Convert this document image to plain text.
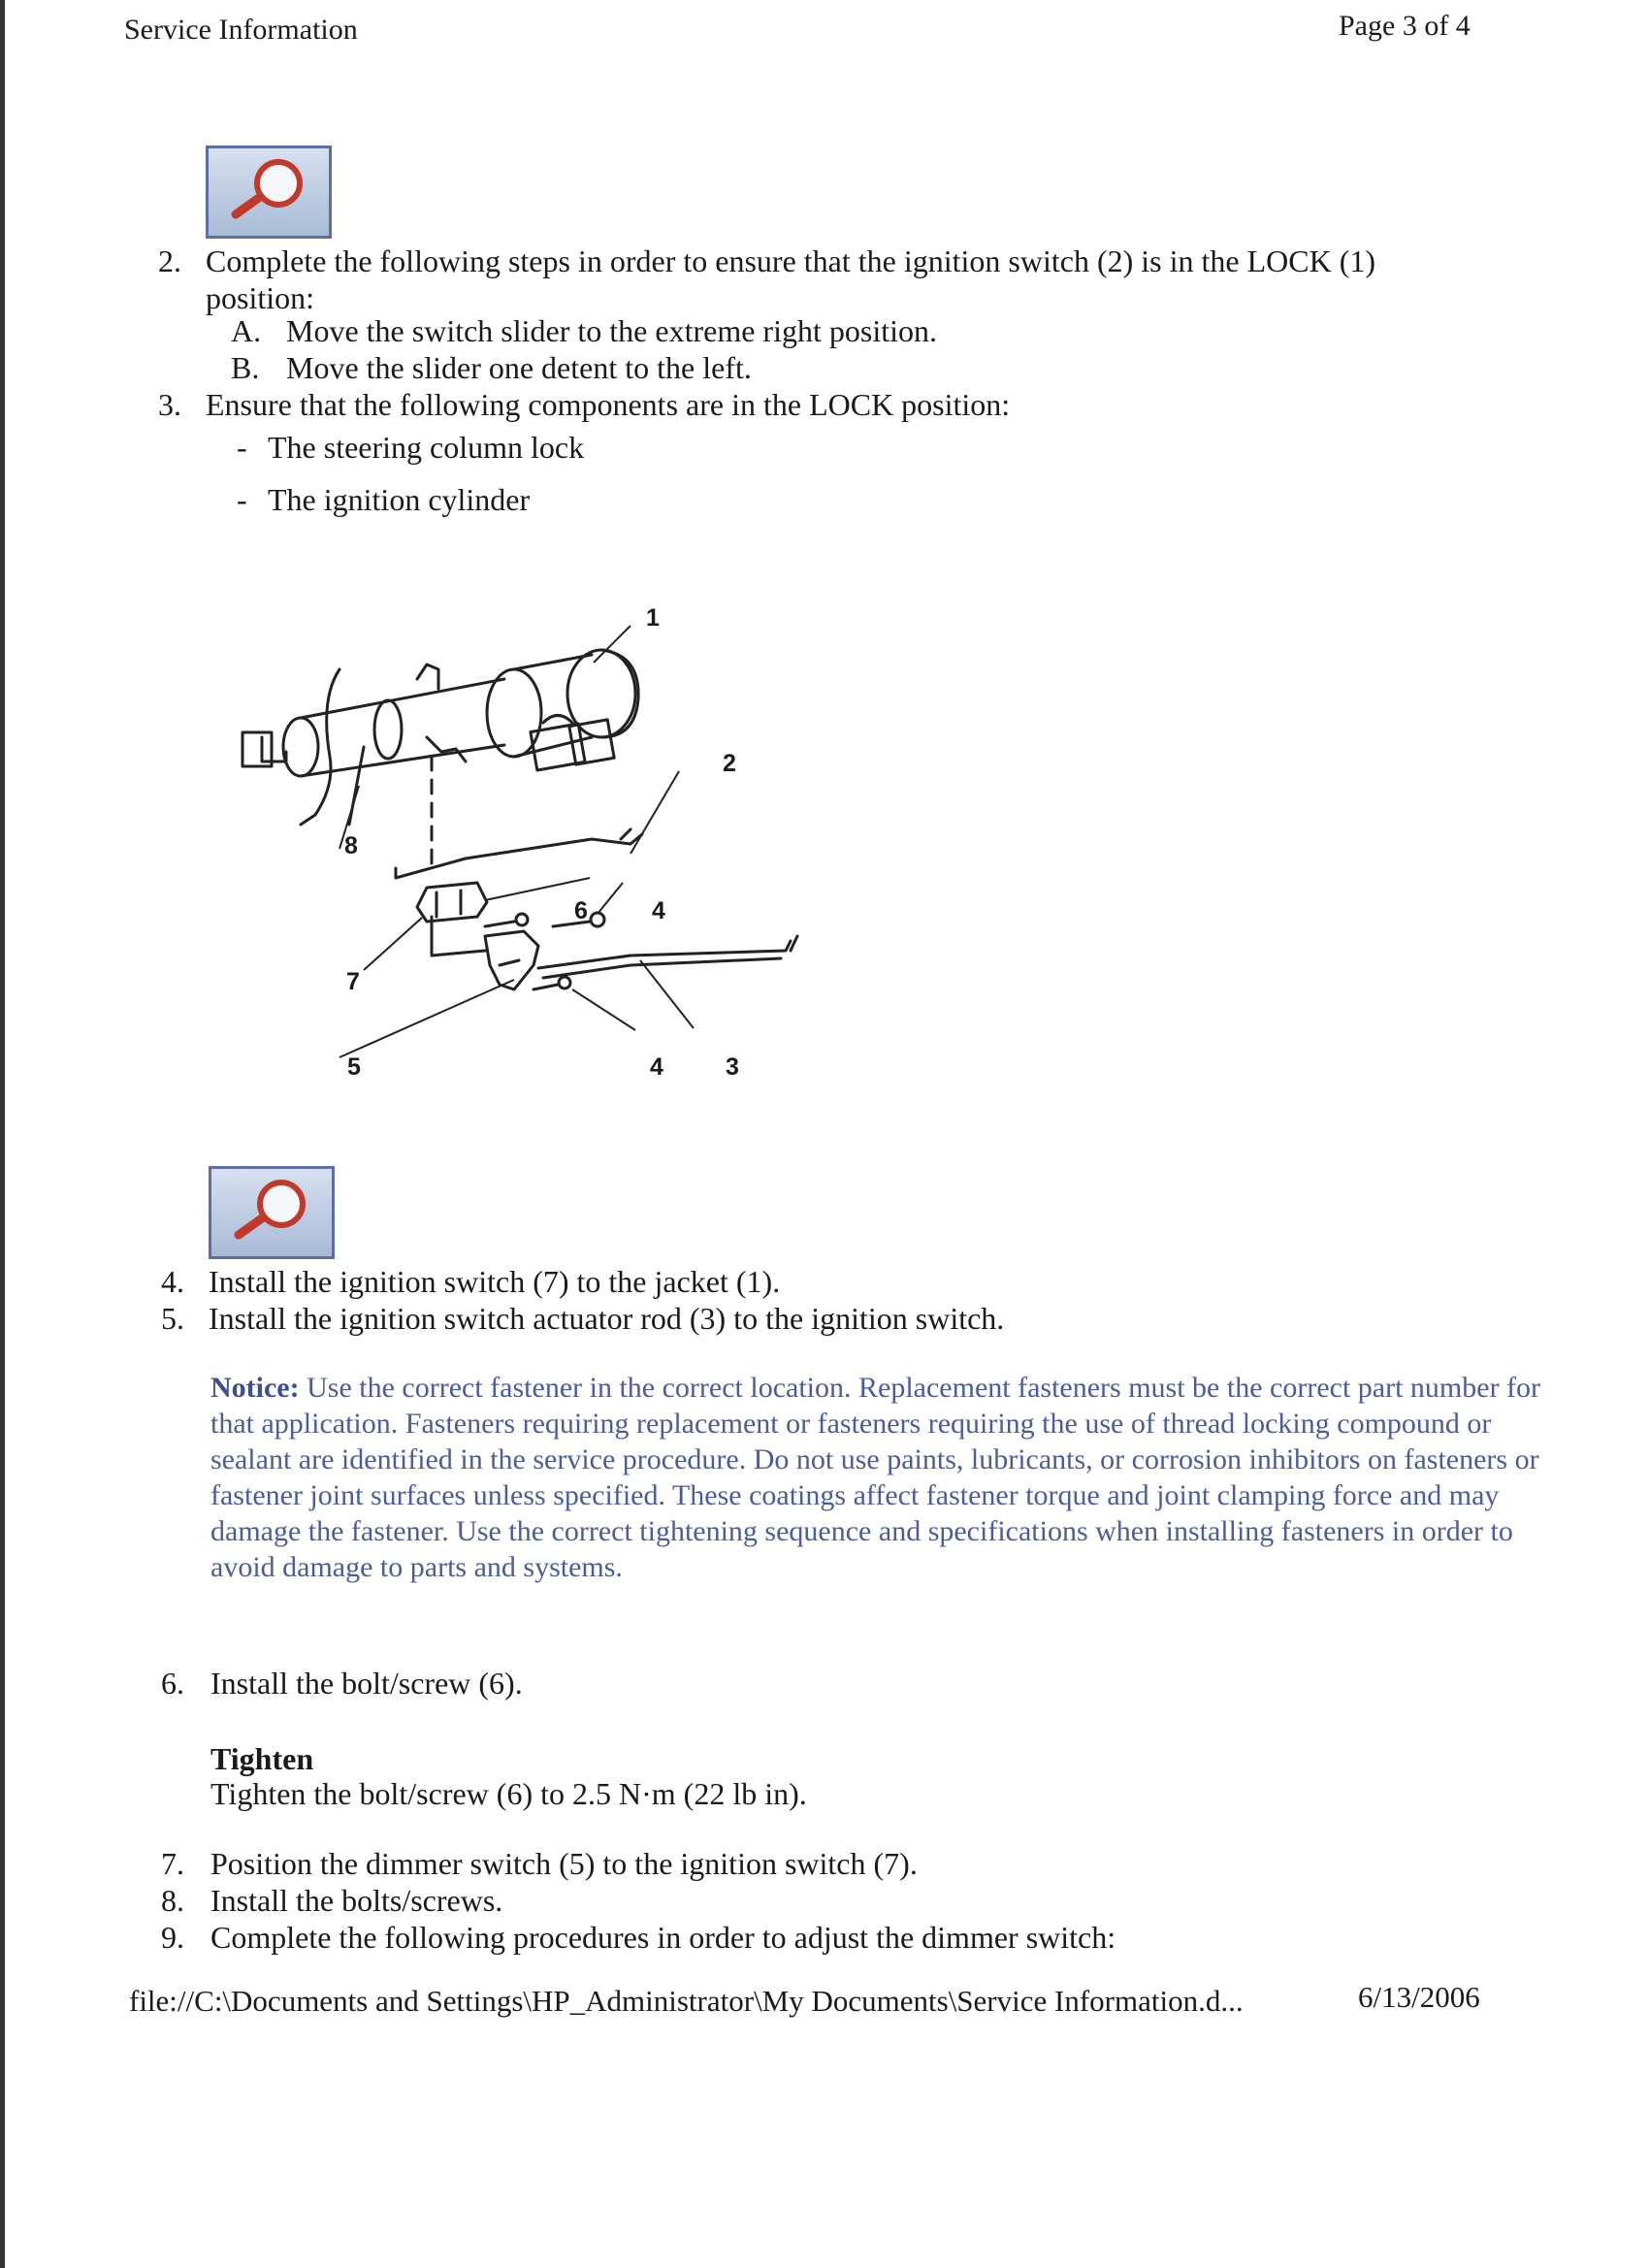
Service Information	Page 3 of 4
2. Complete the following steps in order to ensure that the ignition switch (2) is in the LOCK (1)
position:
A. Move the switch slider to the extreme right position.
B. Move the slider one detent to the left.
3. Ensure that the following components are in the LOCK position:
- The steering column lock
- The ignition cylinder
1
2
3
4
4
5
6
7
8
4. Install the ignition switch (7) to the jacket (1).
5. Install the ignition switch actuator rod (3) to the ignition switch.
Notice: Use the correct fastener in the correct location. Replacement fasteners must be the correct part number for that application. Fasteners requiring replacement or fasteners requiring the use of thread locking compound or sealant are identified in the service procedure. Do not use paints, lubricants, or corrosion inhibitors on fasteners or fastener joint surfaces unless specified. These coatings affect fastener torque and joint clamping force and may damage the fastener. Use the correct tightening sequence and specifications when installing fasteners in order to avoid damage to parts and systems.
6. Install the bolt/screw (6).
Tighten
Tighten the bolt/screw (6) to 2.5 N·m (22 lb in).
7. Position the dimmer switch (5) to the ignition switch (7).
8. Install the bolts/screws.
9. Complete the following procedures in order to adjust the dimmer switch:
file://C:\Documents and Settings\HP_Administrator\My Documents\Service Information.d...	6/13/2006
